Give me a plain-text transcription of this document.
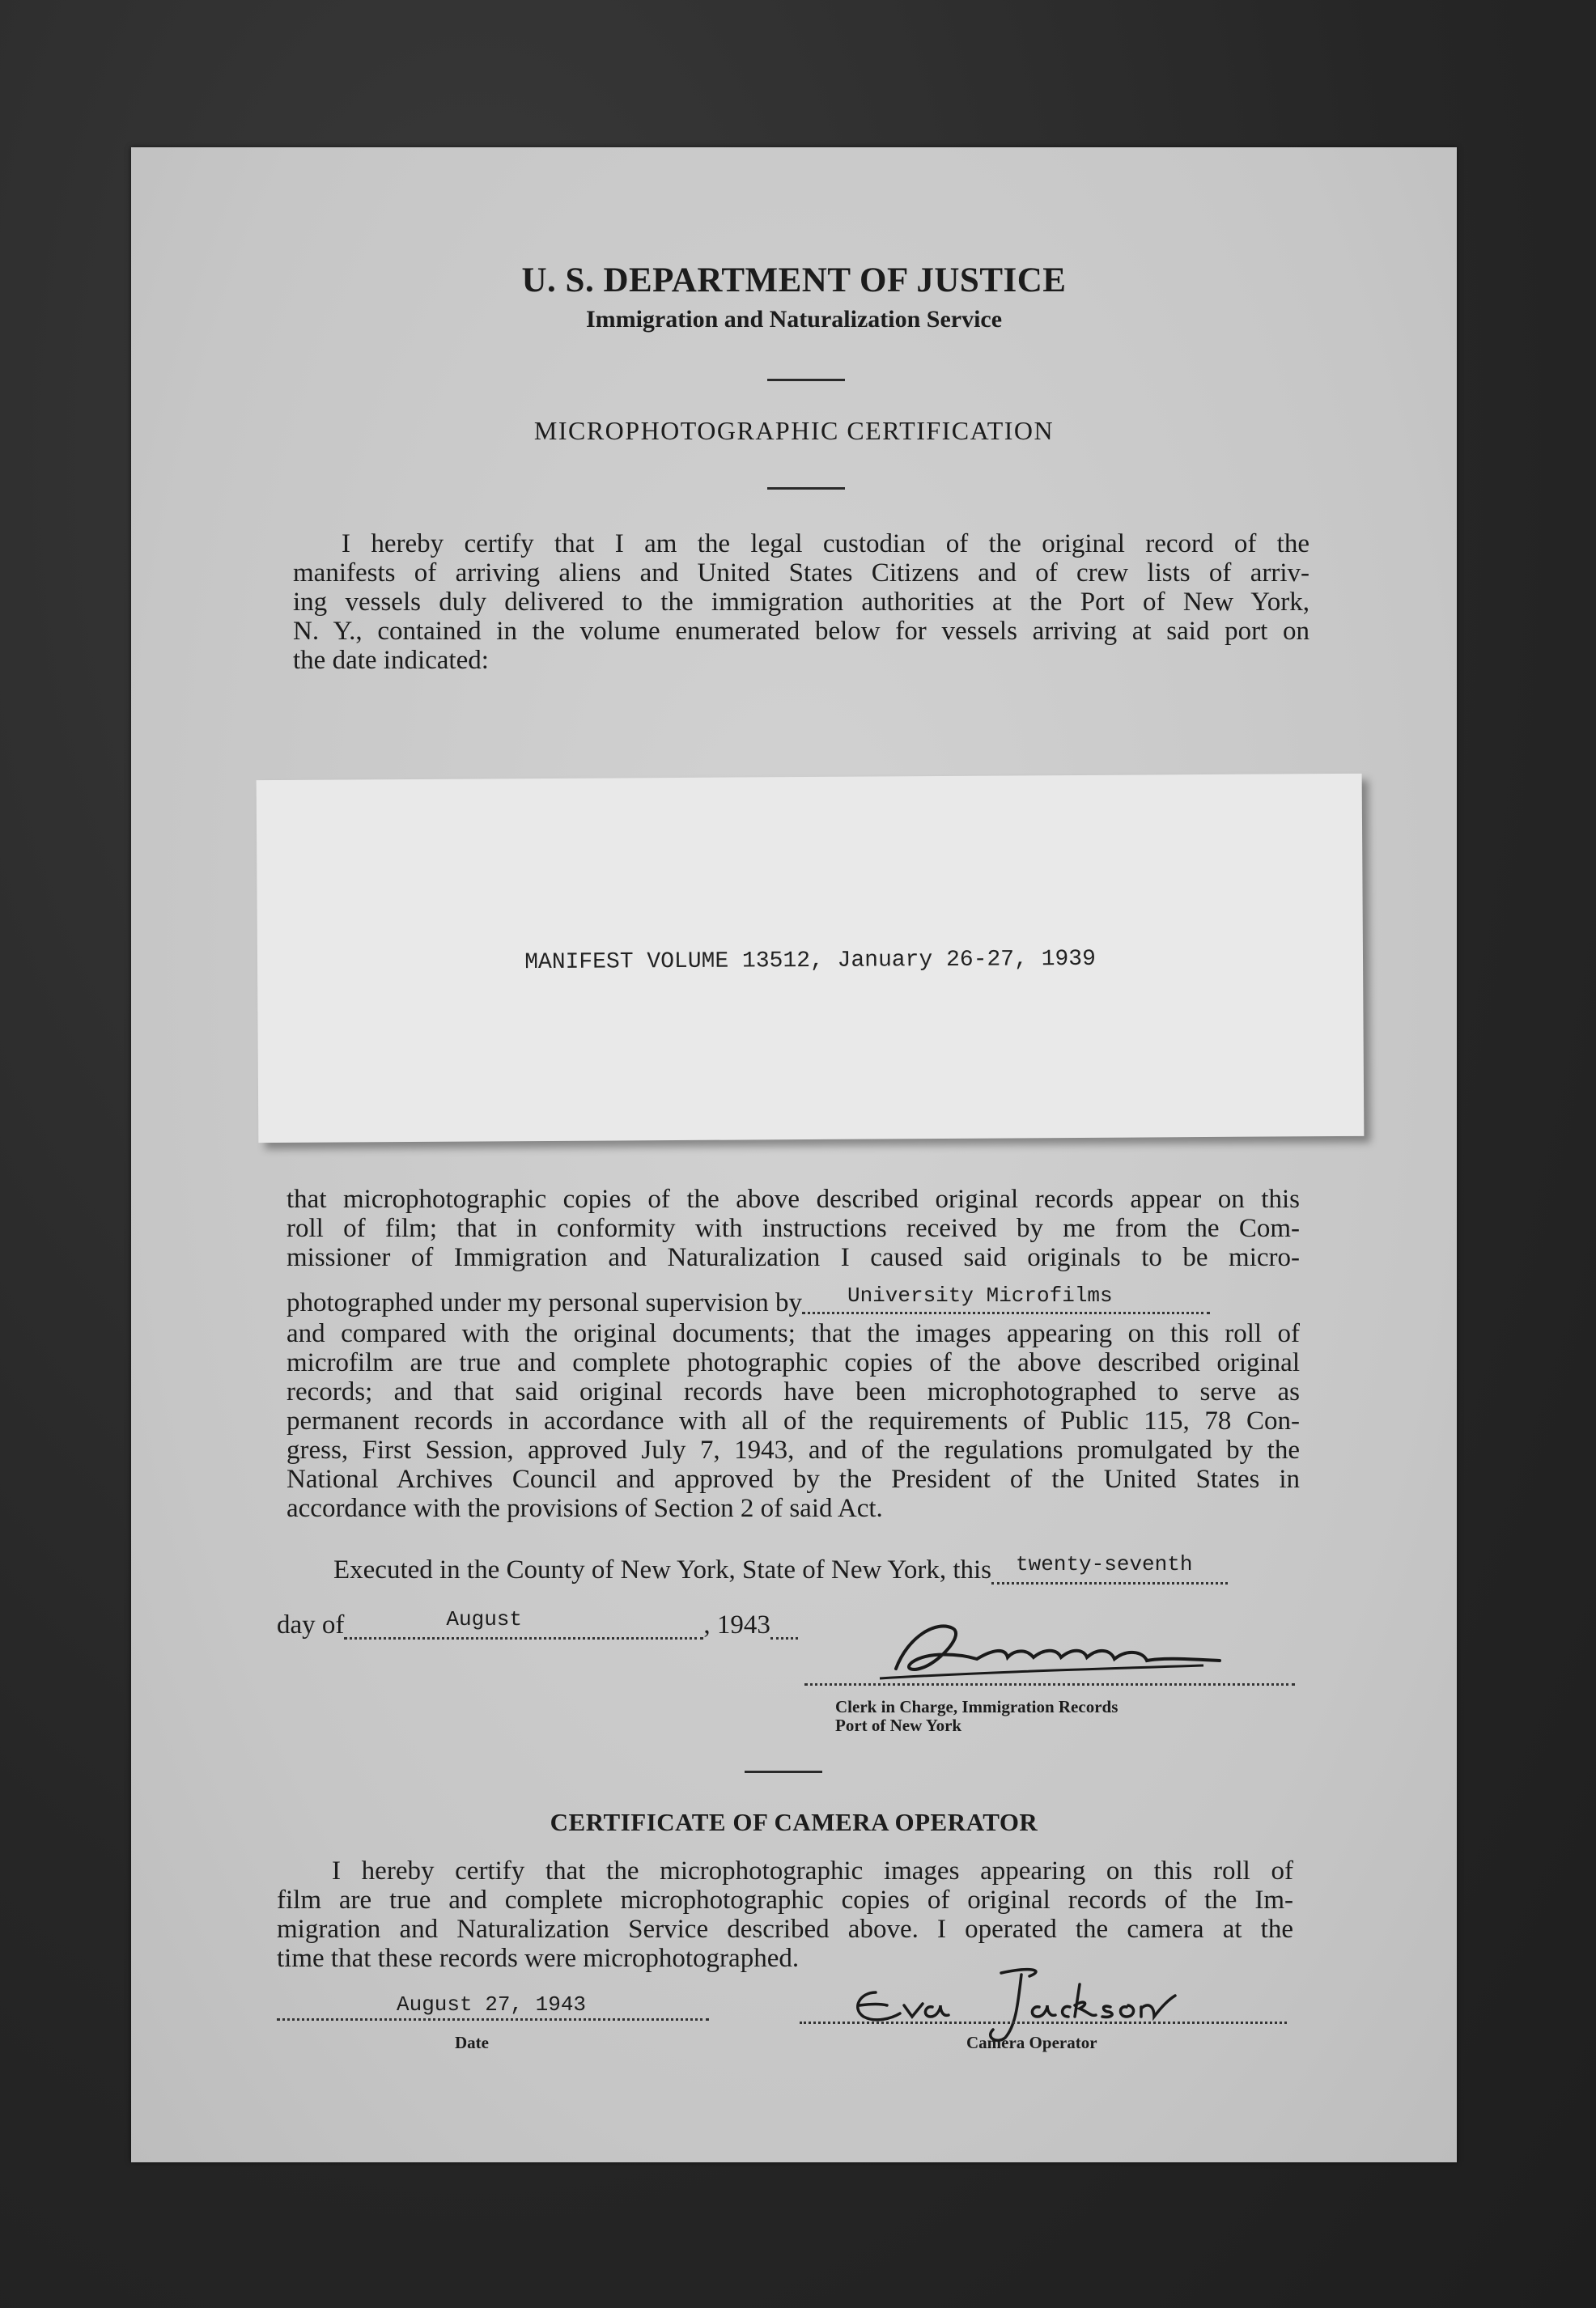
U. S. DEPARTMENT OF JUSTICE
Immigration and Naturalization Service
MICROPHOTOGRAPHIC CERTIFICATION
I hereby certify that I am the legal custodian of the original record of the
manifests of arriving aliens and United States Citizens and of crew lists of arriv-
ing vessels duly delivered to the immigration authorities at the Port of New York,
N. Y., contained in the volume enumerated below for vessels arriving at said port on
the date indicated:
MANIFEST VOLUME 13512, January 26-27, 1939
that microphotographic copies of the above described original records appear on this
roll of film; that in conformity with instructions received by me from the Com-
missioner of Immigration and Naturalization I caused said originals to be micro-
photographed under my personal supervision by University Microfilms
and compared with the original documents; that the images appearing on this roll of
microfilm are true and complete photographic copies of the above described original
records; and that said original records have been microphotographed to serve as
permanent records in accordance with all of the requirements of Public 115, 78 Con-
gress, First Session, approved July 7, 1943, and of the regulations promulgated by the
National Archives Council and approved by the President of the United States in
accordance with the provisions of Section 2 of said Act.
Executed in the County of New York, State of New York, this twenty-seventh
day of	August	, 1943
Clerk in Charge, Immigration Records
Port of New York
CERTIFICATE OF CAMERA OPERATOR
I hereby certify that the microphotographic images appearing on this roll of
film are true and complete microphotographic copies of original records of the Im-
migration and Naturalization Service described above. I operated the camera at the
time that these records were microphotographed.
August 27, 1943
Date	Camera Operator
